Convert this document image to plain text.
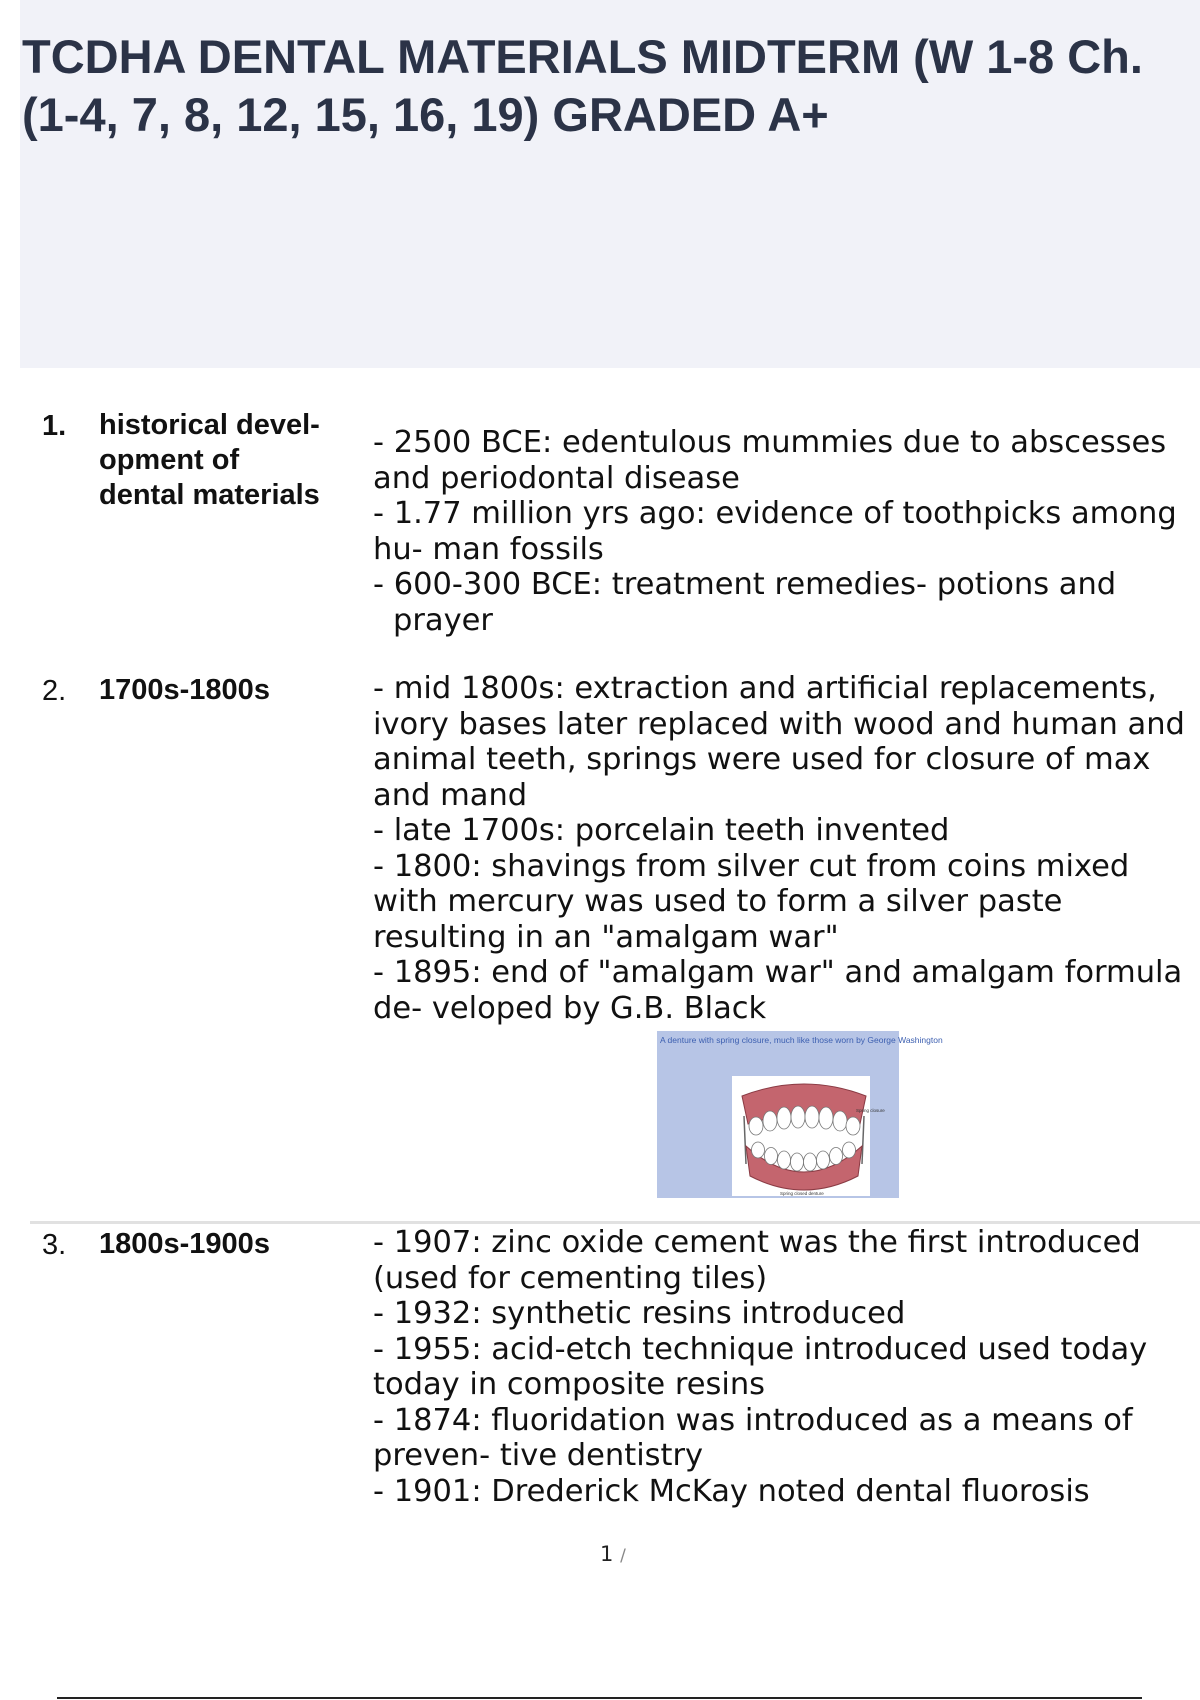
TCDHA DENTAL MATERIALS MIDTERM (W 1-8 Ch. (1-4, 7, 8, 12, 15, 16, 19) GRADED A+
1. historical devel-
opment of
dental materials

- 2500 BCE: edentulous mummies due to abscesses and periodontal disease

- 1.77 million yrs ago: evidence of toothpicks among hu- man fossils

- 600-300 BCE: treatment remedies- potions and prayer

2. 1700s-1800s	- mid 1800s: extraction and artificial replacements, ivory bases later replaced with wood and human and animal teeth, springs were used for closure of max and mand

- late 1700s: porcelain teeth invented

- 1800: shavings from silver cut from coins mixed with mercury was used to form a silver paste resulting in an "amalgam war"

- 1895: end of "amalgam war" and amalgam formula de- veloped by G.B. Black

A denture with spring closure, much like those worn by George Washington
Spring closure
Spring closed denture
3. 1800s-1900s	- 1907: zinc oxide cement was the first introduced (used for cementing tiles)

- 1932: synthetic resins introduced

- 1955: acid-etch technique introduced used today today in composite resins

- 1874: fluoridation was introduced as a means of preven- tive dentistry

- 1901: Drederick McKay noted dental fluorosis

1 /
